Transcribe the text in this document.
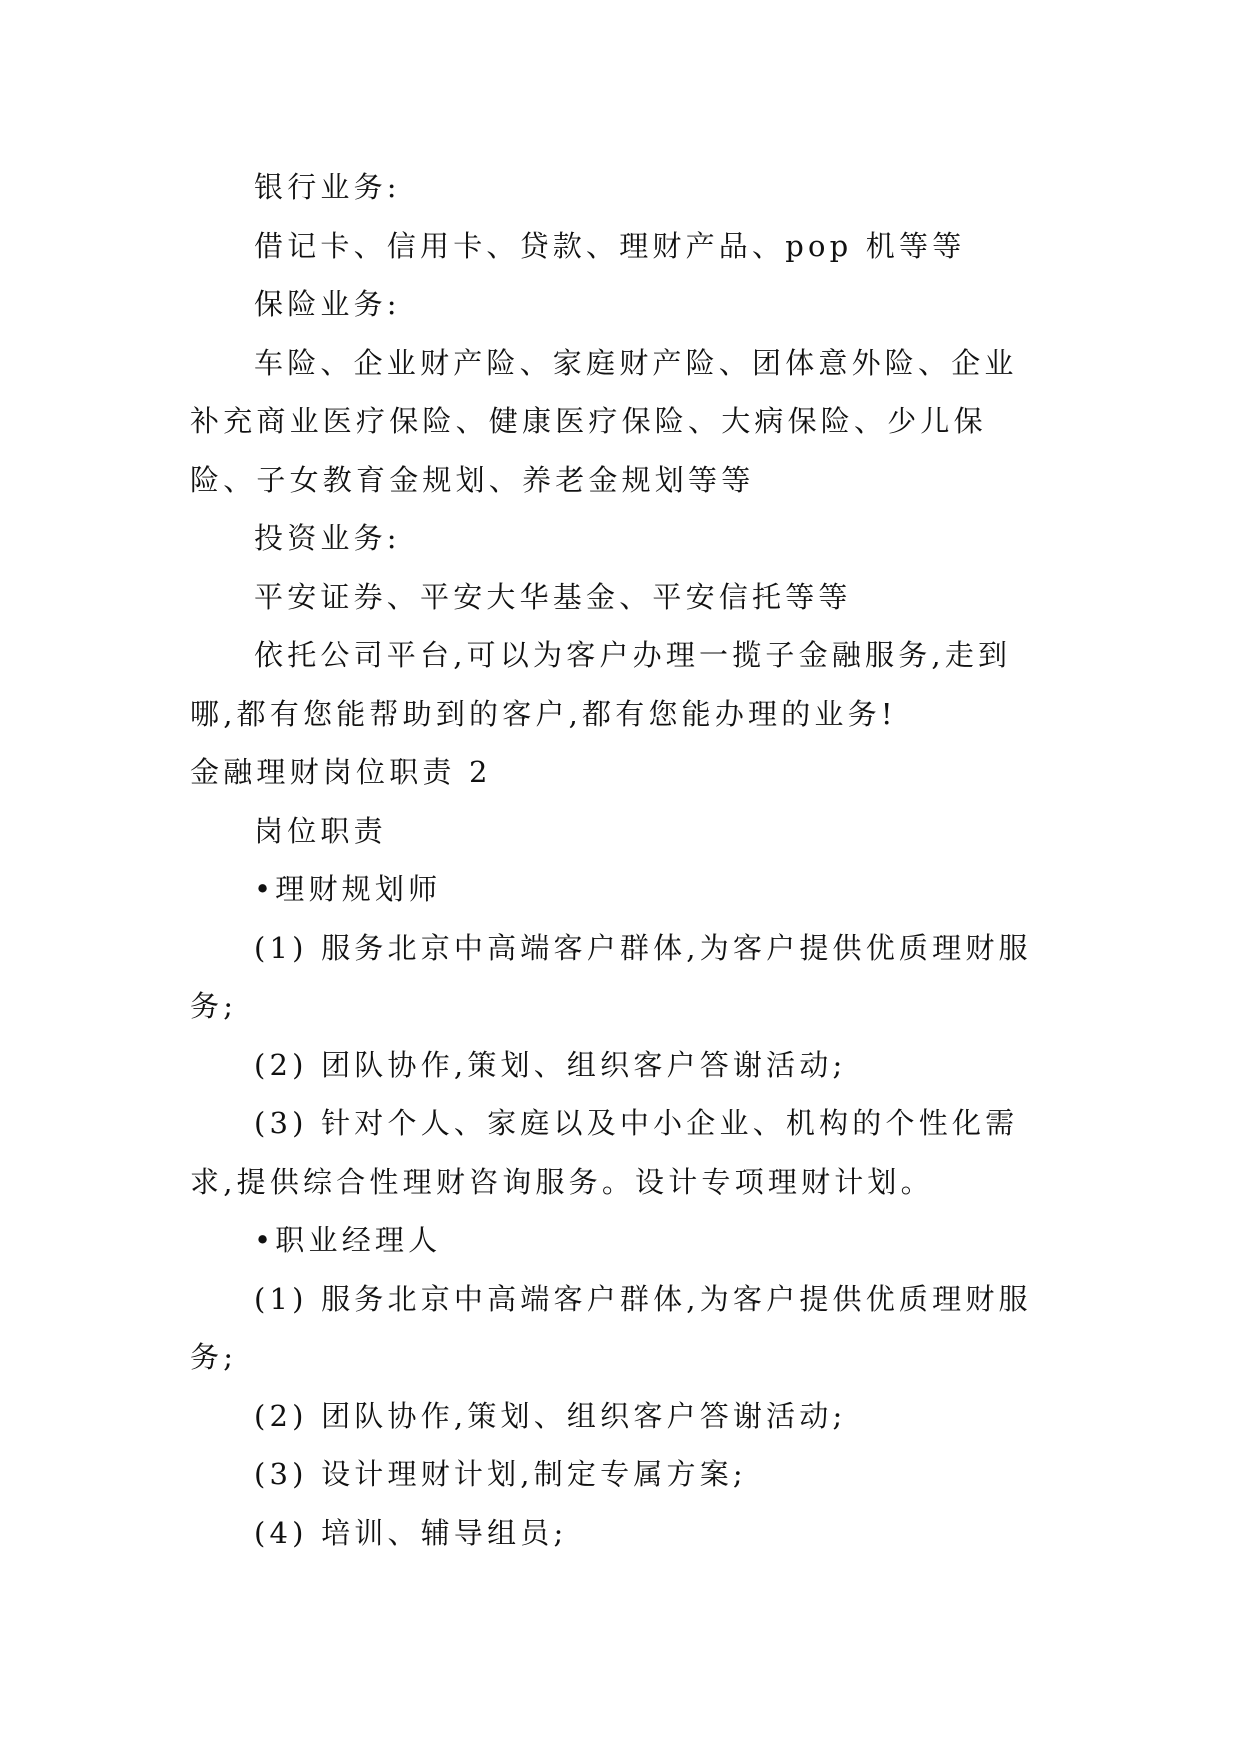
银行业务:

借记卡、信用卡、贷款、理财产品、pop 机等等

保险业务:

车险、企业财产险、家庭财产险、团体意外险、企业补充商业医疗保险、健康医疗保险、大病保险、少儿保险、子女教育金规划、养老金规划等等

投资业务:

平安证券、平安大华基金、平安信托等等

依托公司平台,可以为客户办理一揽子金融服务,走到哪,都有您能帮助到的客户,都有您能办理的业务!

金融理财岗位职责 2

岗位职责

•理财规划师

(1) 服务北京中高端客户群体,为客户提供优质理财服务;

(2) 团队协作,策划、组织客户答谢活动;

(3) 针对个人、家庭以及中小企业、机构的个性化需求,提供综合性理财咨询服务。设计专项理财计划。

•职业经理人

(1) 服务北京中高端客户群体,为客户提供优质理财服务;

(2) 团队协作,策划、组织客户答谢活动;

(3) 设计理财计划,制定专属方案;

(4) 培训、辅导组员;
